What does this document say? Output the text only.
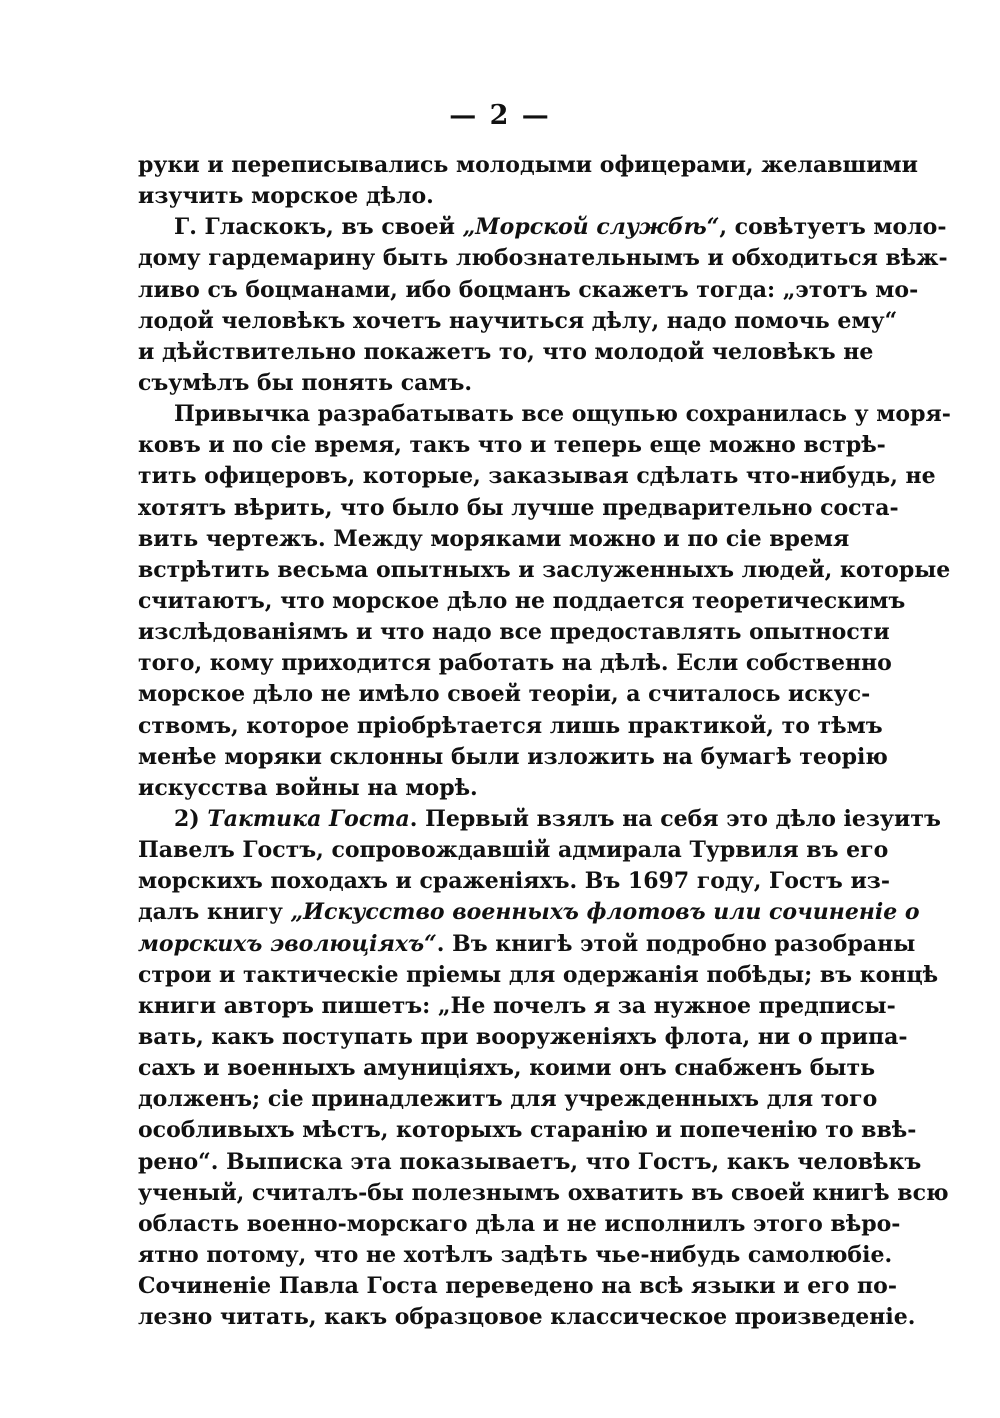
— 2 —
руки и переписывались молодыми офицерами, желавшими
изучить морское дѣло.
Г. Гласкокъ, въ своей „Морской службѣ“, совѣтуетъ моло-
дому гардемарину быть любознательнымъ и обходиться вѣж-
ливо съ боцманами, ибо боцманъ скажетъ тогда: „этотъ мо-
лодой человѣкъ хочетъ научиться дѣлу, надо помочь ему“
и дѣйствительно покажетъ то, что молодой человѣкъ не
съумѣлъ бы понять самъ.
Привычка разрабатывать все ощупью сохранилась у моря-
ковъ и по сіе время, такъ что и теперь еще можно встрѣ-
тить офицеровъ, которые, заказывая сдѣлать что-нибудь, не
хотятъ вѣрить, что было бы лучше предварительно соста-
вить чертежъ. Между моряками можно и по сіе время
встрѣтить весьма опытныхъ и заслуженныхъ людей, которые
считаютъ, что морское дѣло не поддается теоретическимъ
изслѣдованіямъ и что надо все предоставлять опытности
того, кому приходится работать на дѣлѣ. Если собственно
морское дѣло не имѣло своей теоріи, а считалось искус-
ствомъ, которое пріобрѣтается лишь практикой, то тѣмъ
менѣе моряки склонны были изложить на бумагѣ теорію
искусства войны на морѣ.
2) Тактика Госта. Первый взялъ на себя это дѣло іезуитъ
Павелъ Гостъ, сопровождавшій адмирала Турвиля въ его
морскихъ походахъ и сраженіяхъ. Въ 1697 году, Гостъ из-
далъ книгу „Искусство военныхъ флотовъ или сочиненіе о
морскихъ эволюціяхъ“. Въ книгѣ этой подробно разобраны
строи и тактическіе пріемы для одержанія побѣды; въ концѣ
книги авторъ пишетъ: „Не почелъ я за нужное предписы-
вать, какъ поступать при вооруженіяхъ флота, ни о припа-
сахъ и военныхъ амуниціяхъ, коими онъ снабженъ быть
долженъ; сіе принадлежитъ для учрежденныхъ для того
особливыхъ мѣстъ, которыхъ старанію и попеченію то ввѣ-
рено“. Выписка эта показываетъ, что Гостъ, какъ человѣкъ
ученый, считалъ-бы полезнымъ охватить въ своей книгѣ всю
область военно-морскаго дѣла и не исполнилъ этого вѣро-
ятно потому, что не хотѣлъ задѣть чье-нибудь самолюбіе.
Сочиненіе Павла Госта переведено на всѣ языки и его по-
лезно читать, какъ образцовое классическое произведеніе.
